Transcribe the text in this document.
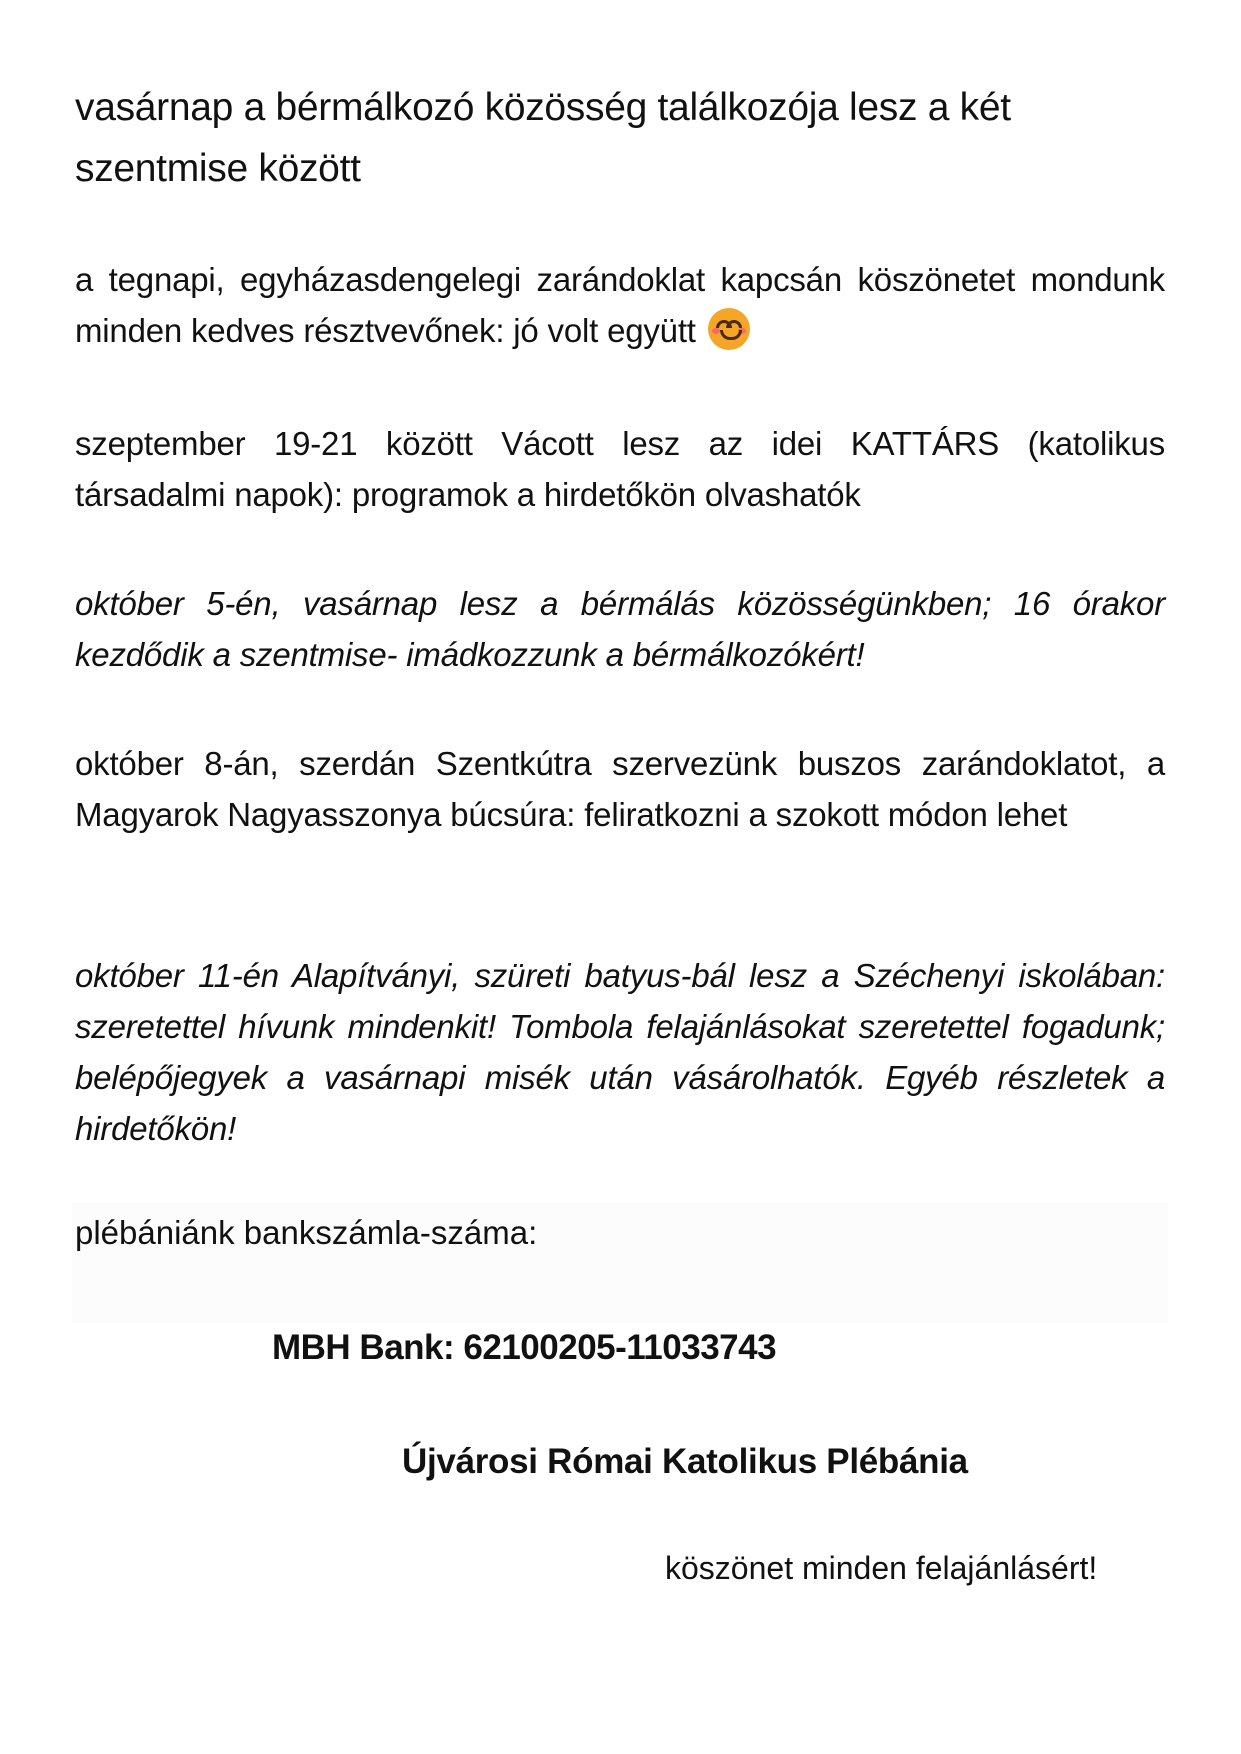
vasárnap a bérmálkozó közösség találkozója lesz a két szentmise között
a tegnapi, egyházasdengelegi zarándoklat kapcsán köszönetet mondunk minden kedves résztvevőnek: jó volt együtt
szeptember 19-21 között Vácott lesz az idei KATTÁRS (katolikus társadalmi napok): programok a hirdetőkön olvashatók
október 5-én, vasárnap lesz a bérmálás közösségünkben; 16 órakor kezdődik a szentmise- imádkozzunk a bérmálkozókért!
október 8-án, szerdán Szentkútra szervezünk buszos zarándoklatot, a Magyarok Nagyasszonya búcsúra: feliratkozni a szokott módon lehet
október 11-én Alapítványi, szüreti batyus-bál lesz a Széchenyi iskolában: szeretettel hívunk mindenkit! Tombola felajánlásokat szeretettel fogadunk; belépőjegyek a vasárnapi misék után vásárolhatók. Egyéb részletek a hirdetőkön!
plébániánk bankszámla-száma:
MBH Bank: 62100205-11033743
Újvárosi Római Katolikus Plébánia
köszönet minden felajánlásért!
